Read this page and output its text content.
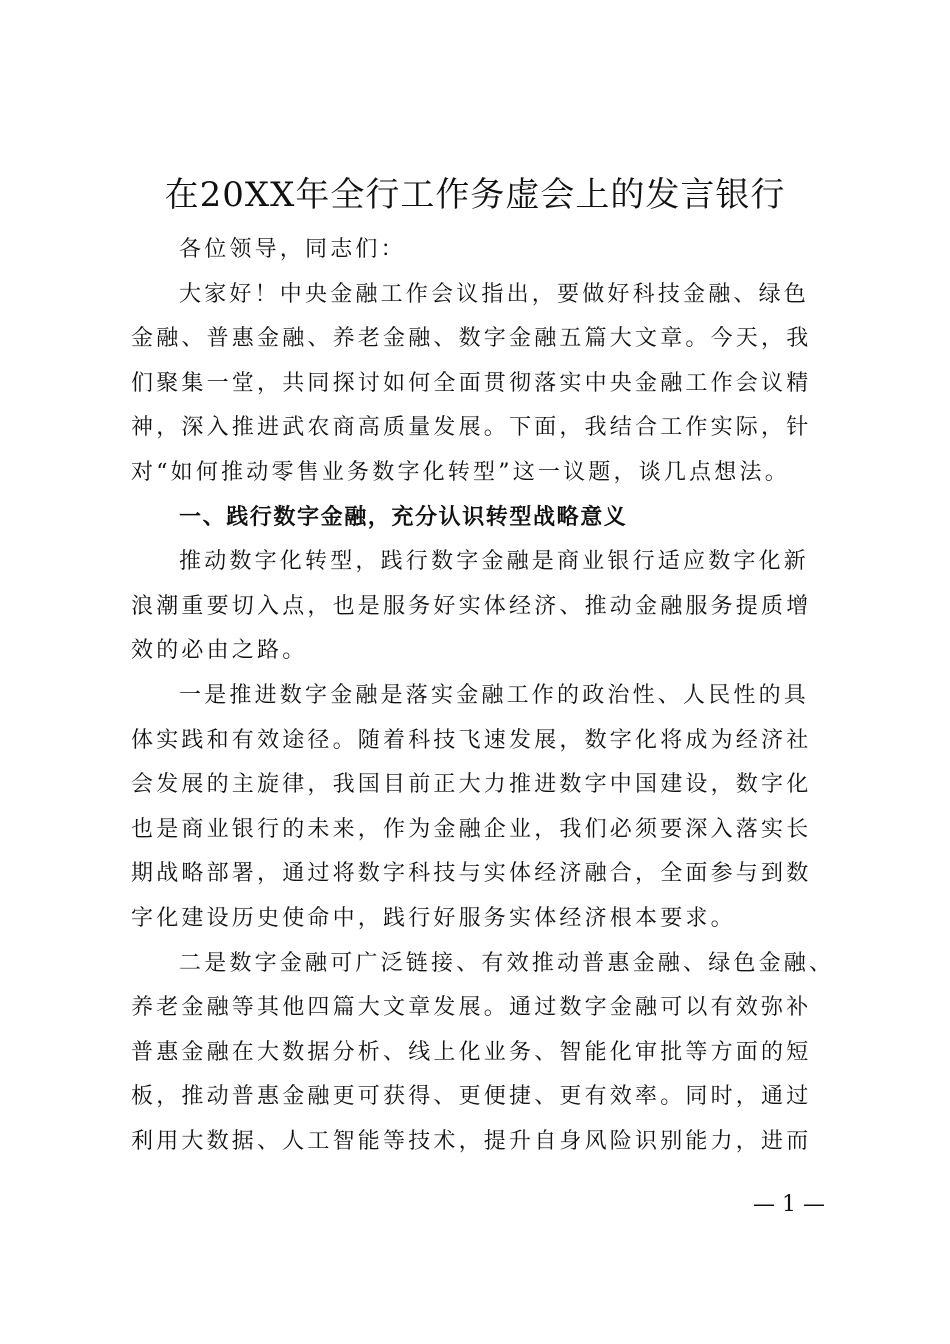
在20XX年全行工作务虚会上的发言银行
各位领导，同志们：
大家好！中央金融工作会议指出，要做好科技金融、绿色
金融、普惠金融、养老金融、数字金融五篇大文章。今天，我
们聚集一堂，共同探讨如何全面贯彻落实中央金融工作会议精
神，深入推进武农商高质量发展。下面，我结合工作实际，针
对“如何推动零售业务数字化转型”这一议题，谈几点想法。
一、践行数字金融，充分认识转型战略意义
推动数字化转型，践行数字金融是商业银行适应数字化新
浪潮重要切入点，也是服务好实体经济、推动金融服务提质增
效的必由之路。
一是推进数字金融是落实金融工作的政治性、人民性的具
体实践和有效途径。随着科技飞速发展，数字化将成为经济社
会发展的主旋律，我国目前正大力推进数字中国建设，数字化
也是商业银行的未来，作为金融企业，我们必须要深入落实长
期战略部署，通过将数字科技与实体经济融合，全面参与到数
字化建设历史使命中，践行好服务实体经济根本要求。
二是数字金融可广泛链接、有效推动普惠金融、绿色金融、
养老金融等其他四篇大文章发展。通过数字金融可以有效弥补
普惠金融在大数据分析、线上化业务、智能化审批等方面的短
板，推动普惠金融更可获得、更便捷、更有效率。同时，通过
利用大数据、人工智能等技术，提升自身风险识别能力，进而
— 1 —
